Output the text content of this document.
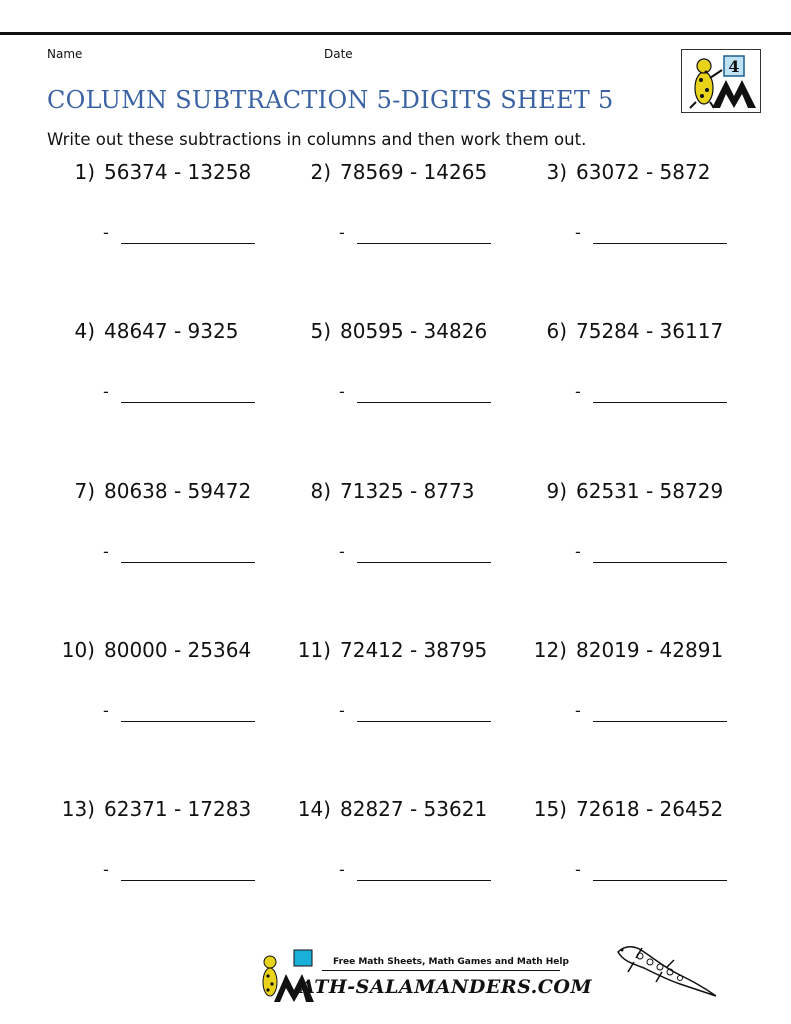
Name	Date
COLUMN SUBTRACTION 5-DIGITS SHEET 5
4
Write out these subtractions in columns and then work them out.
1) 56374 - 13258
-
2) 78569 - 14265
-
3) 63072 - 5872
-
4) 48647 - 9325
-
5) 80595 - 34826
-
6) 75284 - 36117
-
7) 80638 - 59472
-
8) 71325 - 8773
-
9) 62531 - 58729
-
10) 80000 - 25364
-
11) 72412 - 38795
-
12) 82019 - 42891
-
13) 62371 - 17283
-
14) 82827 - 53621
-
15) 72618 - 26452
-
Free Math Sheets, Math Games and Math Help
ATH-SALAMANDERS.COM
